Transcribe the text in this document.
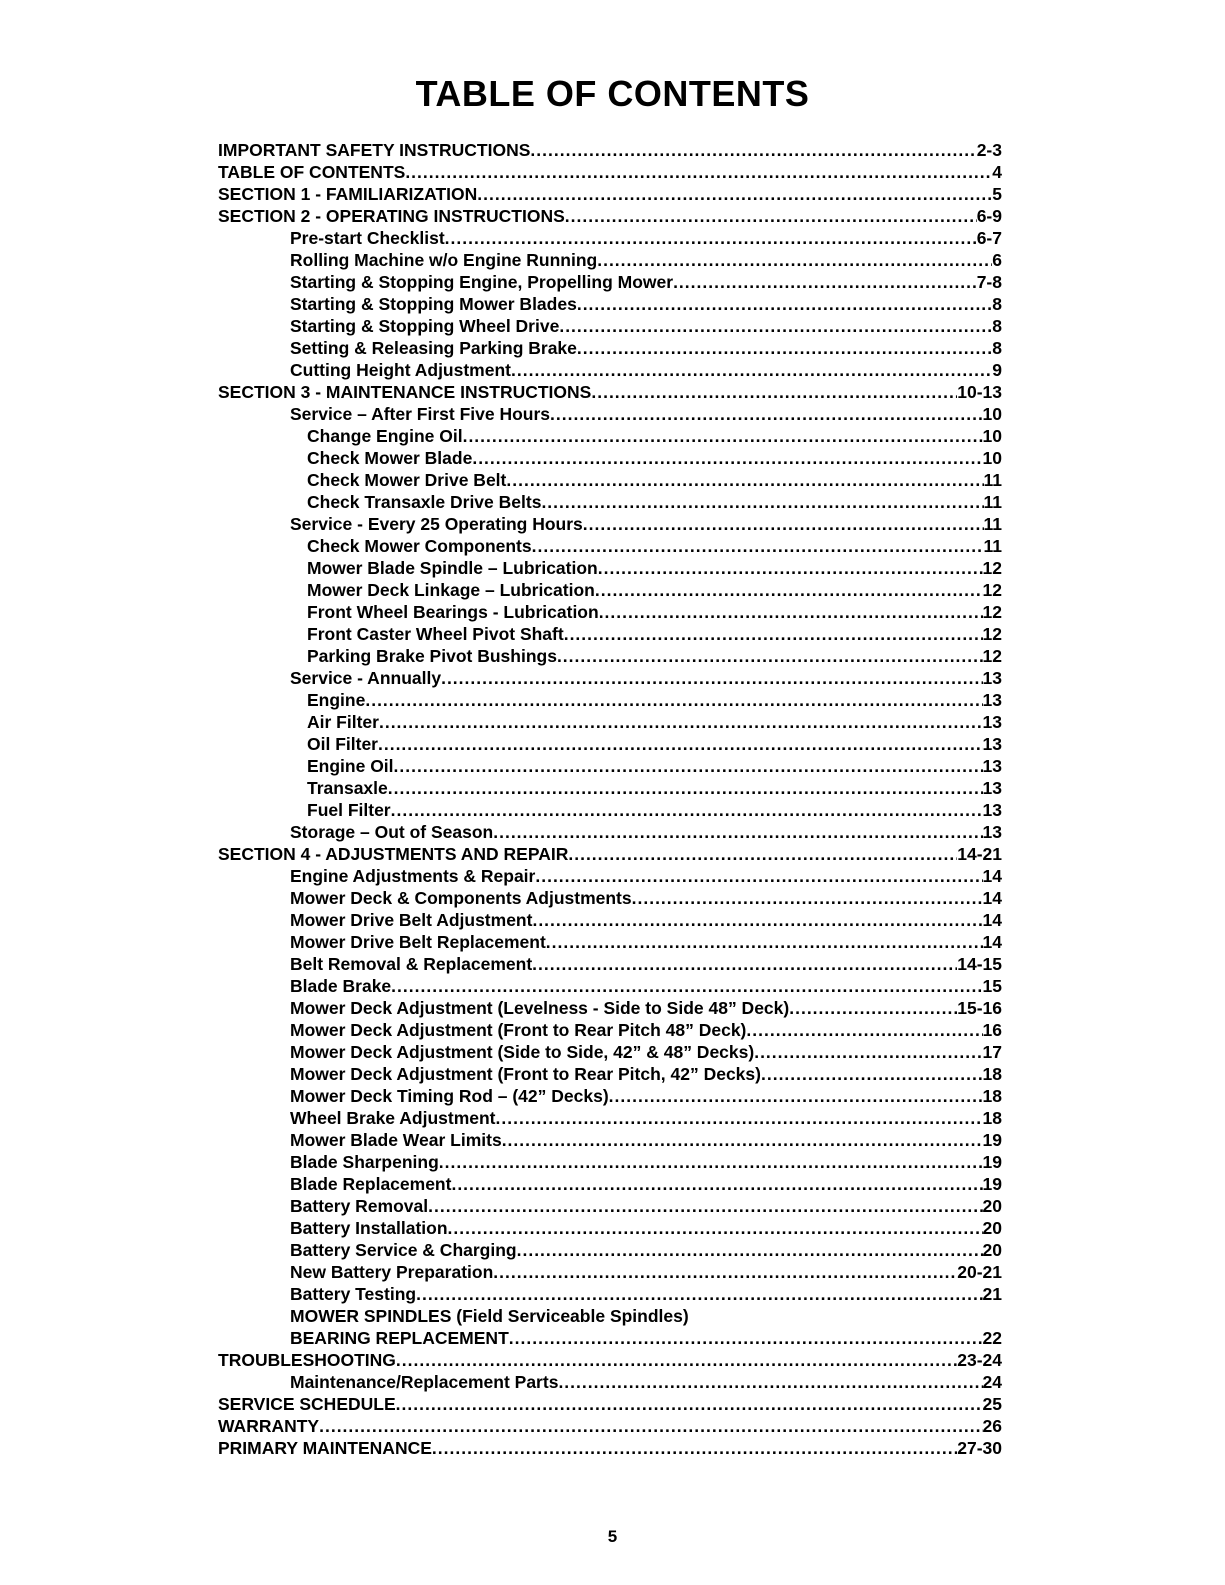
TABLE OF CONTENTS
IMPORTANT SAFETY INSTRUCTIONS .....	2-3
TABLE OF CONTENTS .....	4
SECTION 1 - FAMILIARIZATION .....	5
SECTION 2 - OPERATING INSTRUCTIONS .....	6-9
Pre-start Checklist .....	6-7
Rolling Machine w/o Engine Running .....	6
Starting & Stopping Engine, Propelling Mower .....	7-8
Starting & Stopping Mower Blades .....	8
Starting & Stopping Wheel Drive .....	8
Setting & Releasing Parking Brake .....	8
Cutting Height Adjustment .....	9
SECTION 3 - MAINTENANCE INSTRUCTIONS .....	10-13
Service – After First Five Hours .....	10
Change Engine Oil .....	10
Check Mower Blade .....	10
Check Mower Drive Belt .....	11
Check Transaxle Drive Belts .....	11
Service - Every 25 Operating Hours .....	11
Check Mower Components .....	11
Mower Blade Spindle – Lubrication .....	12
Mower Deck Linkage – Lubrication .....	12
Front Wheel Bearings - Lubrication .....	12
Front Caster Wheel Pivot Shaft .....	12
Parking Brake Pivot Bushings .....	12
Service - Annually .....	13
Engine .....	13
Air Filter .....	13
Oil Filter .....	13
Engine Oil .....	13
Transaxle .....	13
Fuel Filter .....	13
Storage – Out of Season .....	13
SECTION 4 - ADJUSTMENTS AND REPAIR .....	14-21
Engine Adjustments & Repair .....	14
Mower Deck & Components Adjustments .....	14
Mower Drive Belt Adjustment .....	14
Mower Drive Belt Replacement .....	14
Belt Removal & Replacement .....	14-15
Blade Brake .....	15
Mower Deck Adjustment (Levelness - Side to Side 48” Deck) .....	15-16
Mower Deck Adjustment (Front to Rear Pitch 48” Deck) .....	16
Mower Deck Adjustment (Side to Side, 42” & 48” Decks) .....	17
Mower Deck Adjustment (Front to Rear Pitch, 42” Decks) .....	18
Mower Deck Timing Rod – (42” Decks) .....	18
Wheel Brake Adjustment .....	18
Mower Blade Wear Limits .....	19
Blade Sharpening .....	19
Blade Replacement .....	19
Battery Removal .....	20
Battery Installation .....	20
Battery Service & Charging .....	20
New Battery Preparation .....	20-21
Battery Testing .....	21
MOWER SPINDLES (Field Serviceable Spindles)
BEARING REPLACEMENT .....	22
TROUBLESHOOTING .....	23-24
Maintenance/Replacement Parts .....	24
SERVICE SCHEDULE .....	25
WARRANTY .....	26
PRIMARY MAINTENANCE .....	27-30
5
